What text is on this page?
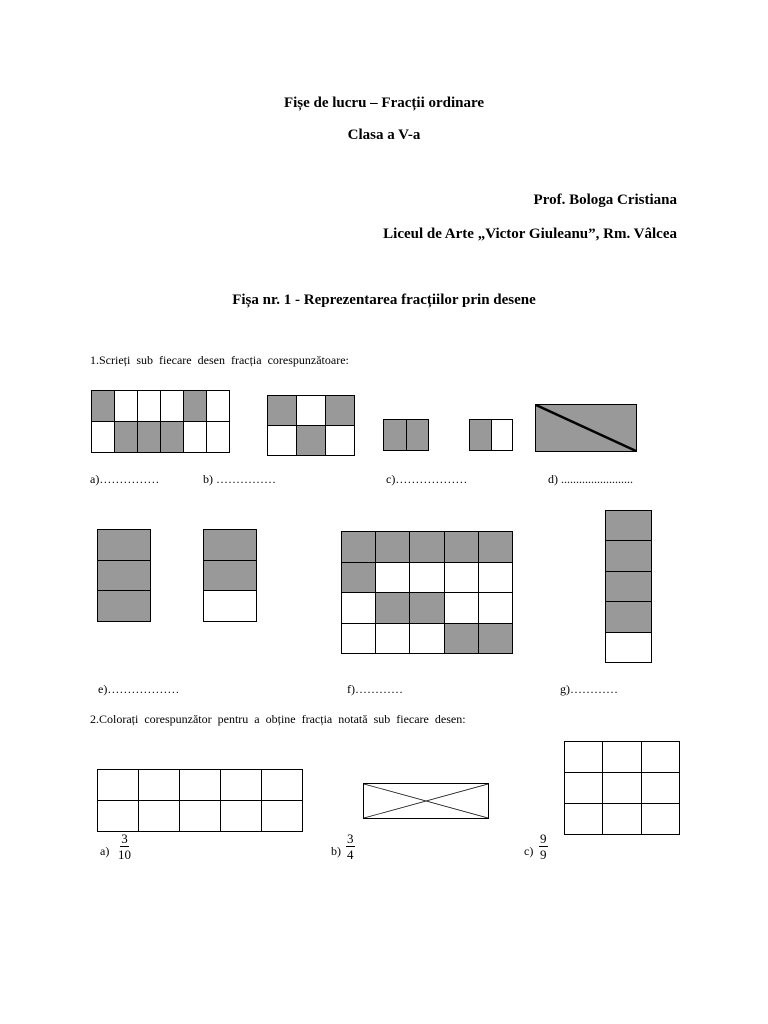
Fișe de lucru – Fracții ordinare
Clasa a V-a
Prof. Bologa Cristiana
Liceul de Arte „Victor Giuleanu”, Rm. Vâlcea
Fișa nr. 1 - Reprezentarea fracțiilor prin desene
1.Scrieți sub fiecare desen fracția corespunzătoare:
a)……………	b) ……………	c)………………	d) ........................
e)………………	f)…………	g)…………
2.Colorați corespunzător pentru a obține fracția notată sub fiecare desen:
$a) \frac{3}{10}$	$b) \frac{3}{4}$	$c) \frac{9}{9}$
